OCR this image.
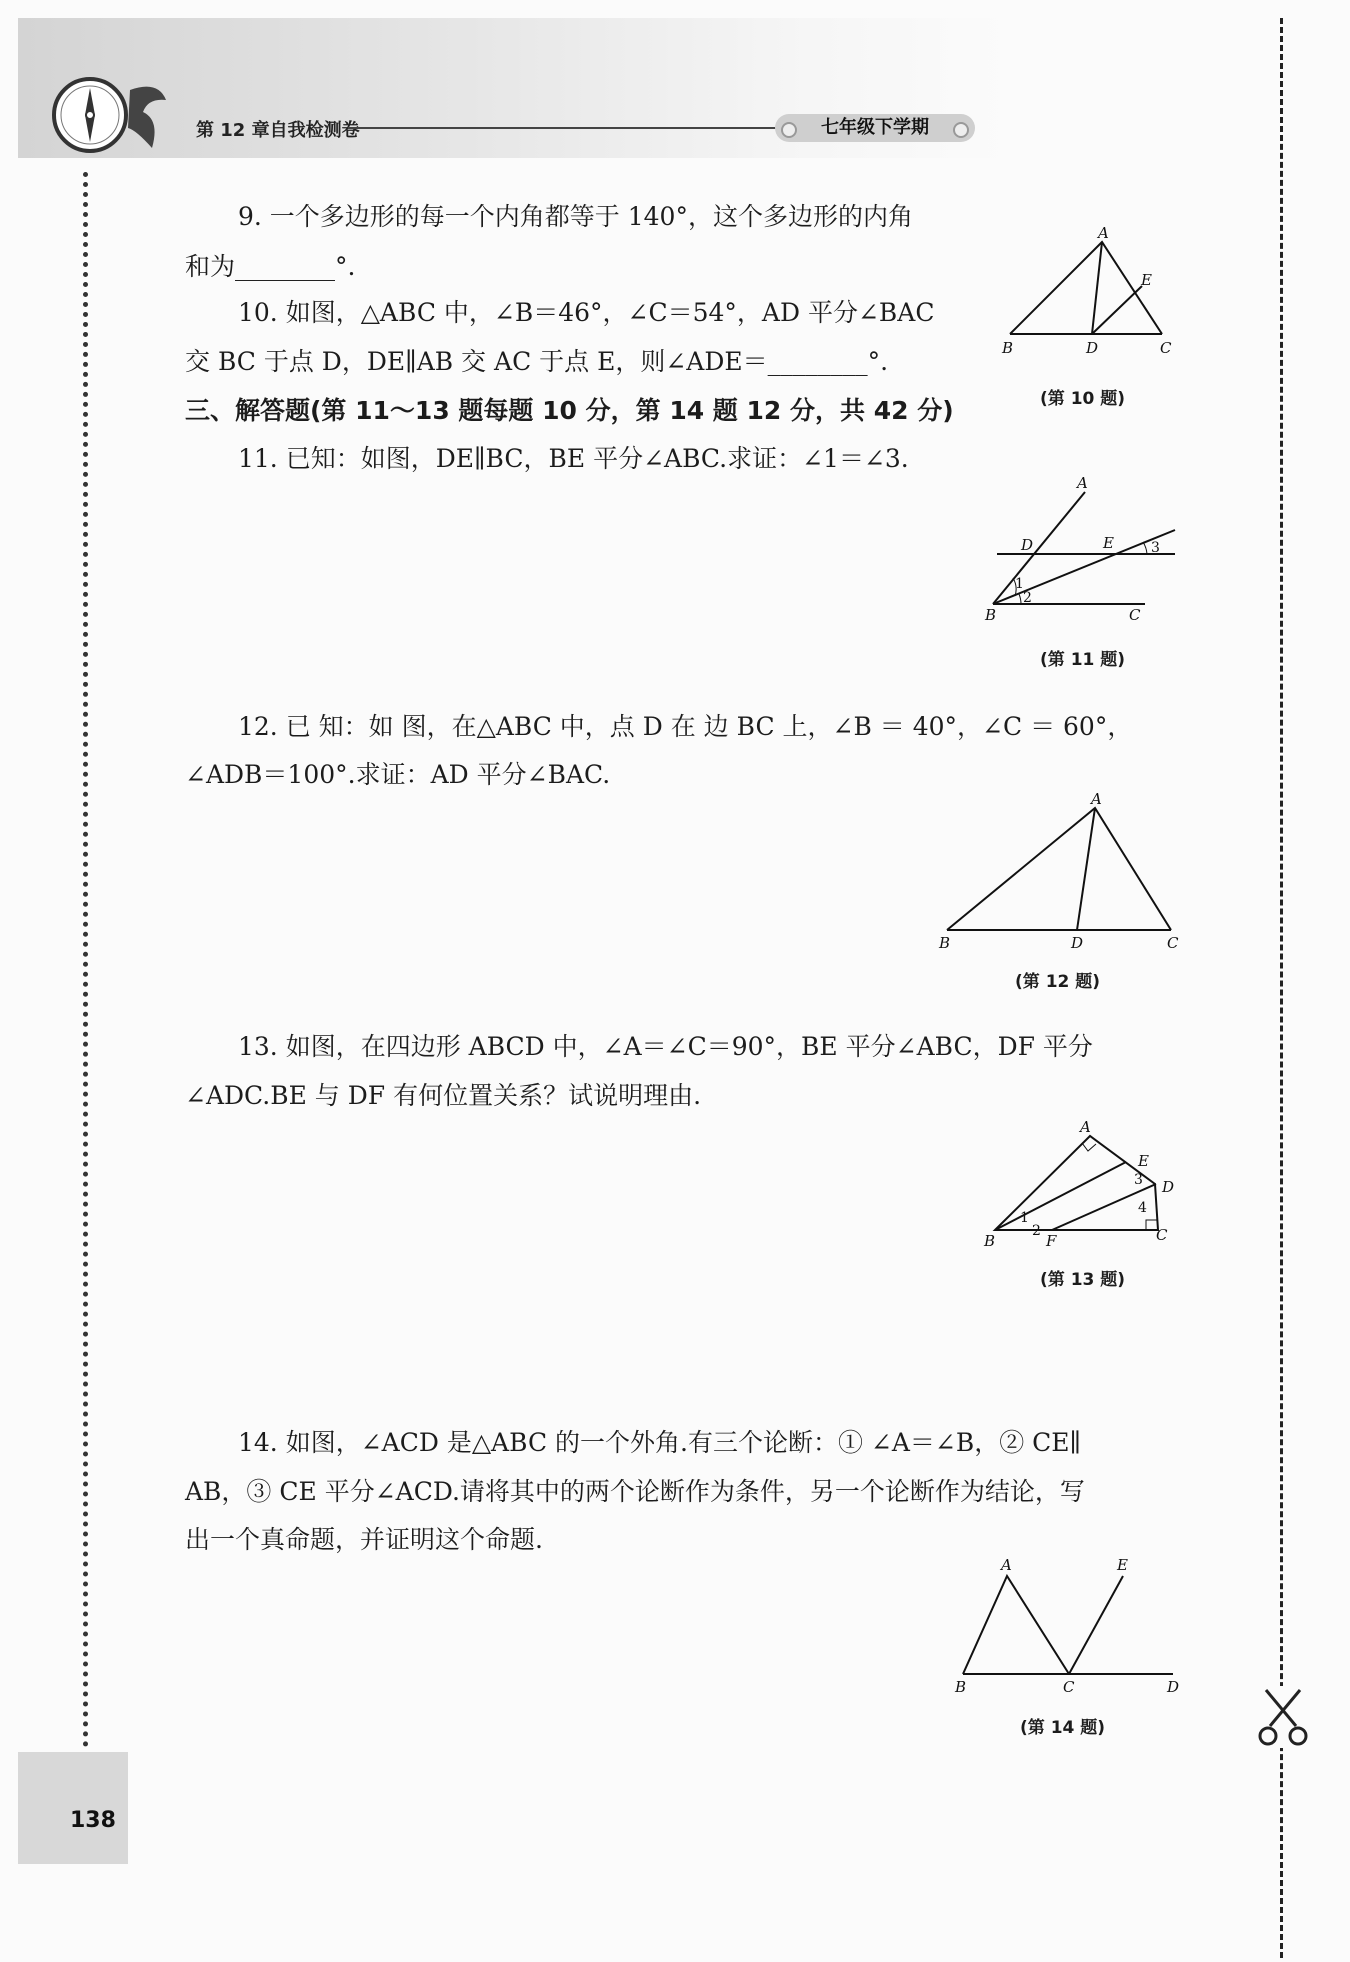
第 12 章自我检测卷	七年级下学期
9. 一个多边形的每一个内角都等于 140°，这个多边形的内角
和为________°.
10. 如图，△ABC 中，∠B＝46°，∠C＝54°，AD 平分∠BAC
交 BC 于点 D，DE∥AB 交 AC 于点 E，则∠ADE＝________°.
A
B	C
D
E
(第 10 题)
三、解答题(第 11～13 题每题 10 分，第 14 题 12 分，共 42 分)
11. 已知：如图，DE∥BC，BE 平分∠ABC.求证：∠1＝∠3.
A
B	C
D	E
1
2
3
(第 11 题)
12. 已 知：如 图，在△ABC 中，点 D 在 边 BC 上，∠B ＝ 40°，∠C ＝ 60°，
∠ADB＝100°.求证：AD 平分∠BAC.
A
B	C
D
(第 12 题)
13. 如图，在四边形 ABCD 中，∠A＝∠C＝90°，BE 平分∠ABC，DF 平分
∠ADC.BE 与 DF 有何位置关系？试说明理由.
A
B	C
D
E
F
1
2
3
4
(第 13 题)
14. 如图，∠ACD 是△ABC 的一个外角.有三个论断：① ∠A＝∠B，② CE∥
AB，③ CE 平分∠ACD.请将其中的两个论断作为条件，另一个论断作为结论，写
出一个真命题，并证明这个命题.
A
B	C	D
E
(第 14 题)
138
